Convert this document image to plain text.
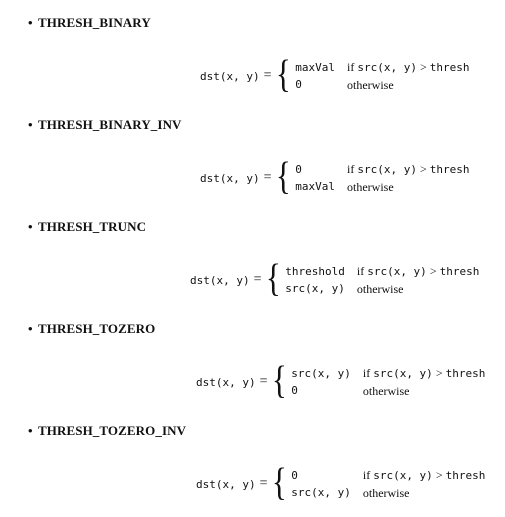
• THRESH_BINARY
dst(x, y) = { maxVal if src(x, y) > thresh
0	otherwise
• THRESH_BINARY_INV
dst(x, y) = { 0	if src(x, y) > thresh
maxVal otherwise
• THRESH_TRUNC
dst(x, y) = { threshold if src(x, y) > thresh
src(x, y) otherwise
• THRESH_TOZERO
dst(x, y) = { src(x, y) if src(x, y) > thresh
0	otherwise
• THRESH_TOZERO_INV
dst(x, y) = { 0	if src(x, y) > thresh
src(x, y) otherwise
